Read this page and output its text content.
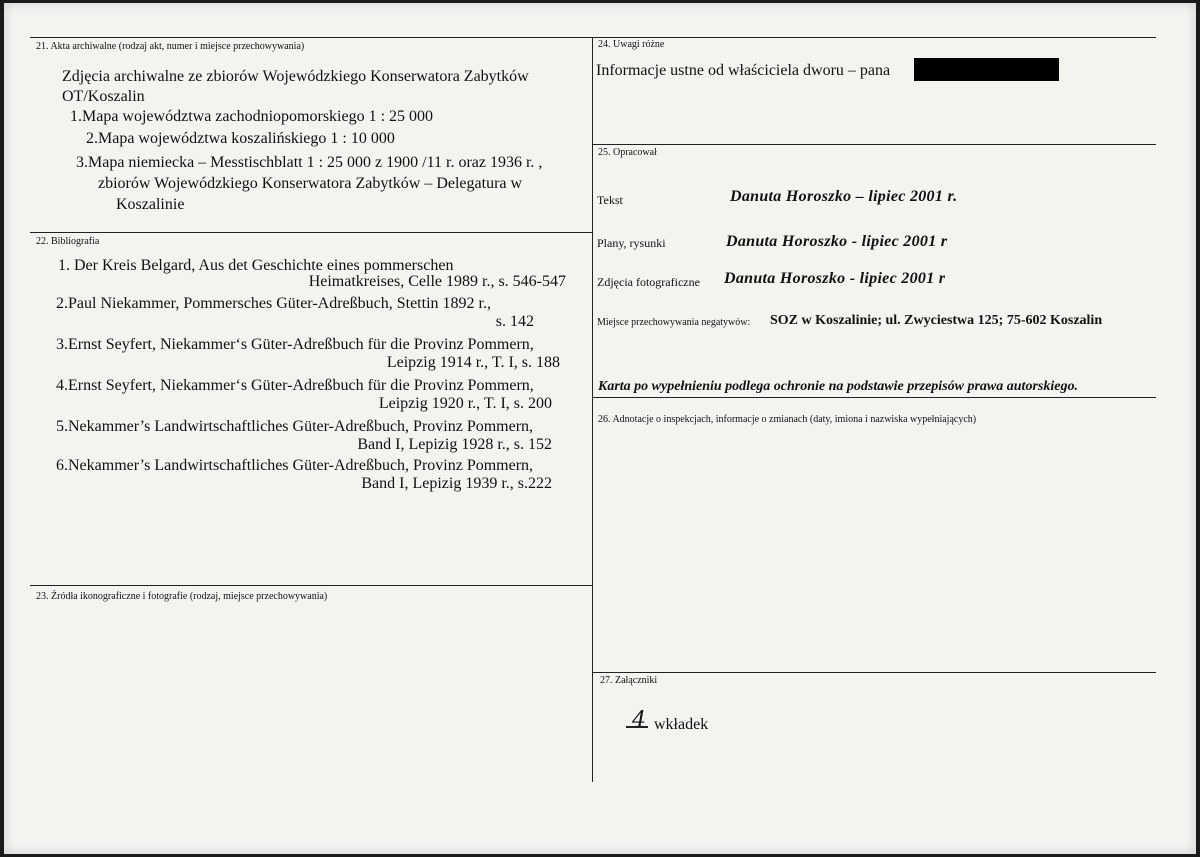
21. Akta archiwalne (rodzaj akt, numer i miejsce przechowywania)
Zdjęcia archiwalne ze zbiorów Wojewódzkiego Konserwatora Zabytków
OT/Koszalin
1.Mapa województwa zachodniopomorskiego 1 : 25 000
2.Mapa województwa koszalińskiego 1 : 10 000
3.Mapa niemiecka – Messtischblatt 1 : 25 000 z 1900 /11 r. oraz 1936 r. ,
zbiorów Wojewódzkiego Konserwatora Zabytków – Delegatura w
Koszalinie
22. Bibliografia
1. Der Kreis Belgard, Aus det Geschichte eines pommerschen
Heimatkreises, Celle 1989 r., s. 546-547
2.Paul Niekammer, Pommersches Güter-Adreßbuch, Stettin 1892 r.,
s. 142
3.Ernst Seyfert, Niekammer‘s Güter-Adreßbuch für die Provinz Pommern,
Leipzig 1914 r., T. I, s. 188
4.Ernst Seyfert, Niekammer‘s Güter-Adreßbuch für die Provinz Pommern,
Leipzig 1920 r., T. I, s. 200
5.Nekammer’s Landwirtschaftliches Güter-Adreßbuch, Provinz Pommern,
Band I, Lepizig 1928 r., s. 152
6.Nekammer’s Landwirtschaftliches Güter-Adreßbuch, Provinz Pommern,
Band I, Lepizig 1939 r., s.222
23. Źródła ikonograficzne i fotografie (rodzaj, miejsce przechowywania)
24. Uwagi różne
Informacje ustne od właściciela dworu – pana
25. Opracował
Tekst	Danuta Horoszko – lipiec 2001 r.
Plany, rysunki	Danuta Horoszko - lipiec 2001 r
Zdjęcia fotograficzne Danuta Horoszko - lipiec 2001 r
Miejsce przechowywania negatywów: SOZ w Koszalinie; ul. Zwyciestwa 125; 75-602 Koszalin
Karta po wypełnieniu podlega ochronie na podstawie przepisów prawa autorskiego.
26. Adnotacje o inspekcjach, informacje o zmianach (daty, imiona i nazwiska wypełniających)
27. Załączniki
4 wkładek
